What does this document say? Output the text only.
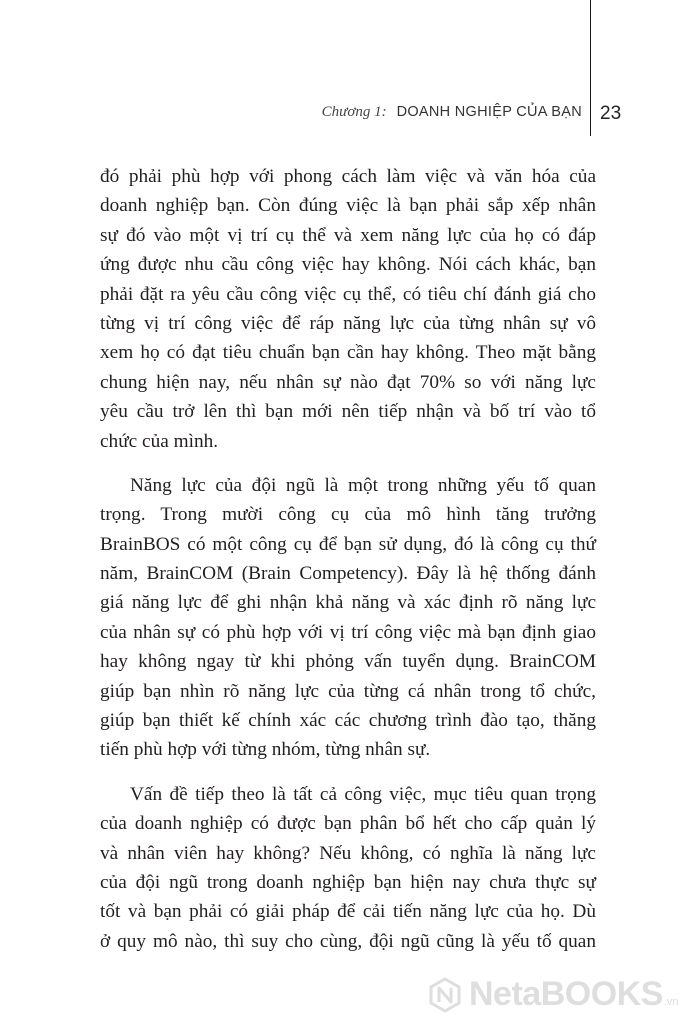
Chương 1: DOANH NGHIỆP CỦA BẠN 23

đó phải phù hợp với phong cách làm việc và văn hóa của
doanh nghiệp bạn. Còn đúng việc là bạn phải sắp xếp nhân
sự đó vào một vị trí cụ thể và xem năng lực của họ có đáp
ứng được nhu cầu công việc hay không. Nói cách khác, bạn
phải đặt ra yêu cầu công việc cụ thể, có tiêu chí đánh giá cho
từng vị trí công việc để ráp năng lực của từng nhân sự vô
xem họ có đạt tiêu chuẩn bạn cần hay không. Theo mặt bằng
chung hiện nay, nếu nhân sự nào đạt 70% so với năng lực
yêu cầu trở lên thì bạn mới nên tiếp nhận và bố trí vào tổ
chức của mình.

Năng lực của đội ngũ là một trong những yếu tố quan
trọng. Trong mười công cụ của mô hình tăng trưởng
BrainBOS có một công cụ để bạn sử dụng, đó là công cụ thứ
năm, BrainCOM (Brain Competency). Đây là hệ thống đánh
giá năng lực để ghi nhận khả năng và xác định rõ năng lực
của nhân sự có phù hợp với vị trí công việc mà bạn định giao
hay không ngay từ khi phỏng vấn tuyển dụng. BrainCOM
giúp bạn nhìn rõ năng lực của từng cá nhân trong tổ chức,
giúp bạn thiết kế chính xác các chương trình đào tạo, thăng
tiến phù hợp với từng nhóm, từng nhân sự.

Vấn đề tiếp theo là tất cả công việc, mục tiêu quan trọng
của doanh nghiệp có được bạn phân bổ hết cho cấp quản lý
và nhân viên hay không? Nếu không, có nghĩa là năng lực
của đội ngũ trong doanh nghiệp bạn hiện nay chưa thực sự
tốt và bạn phải có giải pháp để cải tiến năng lực của họ. Dù
ở quy mô nào, thì suy cho cùng, đội ngũ cũng là yếu tố quan

NetaBOOKS .vn
